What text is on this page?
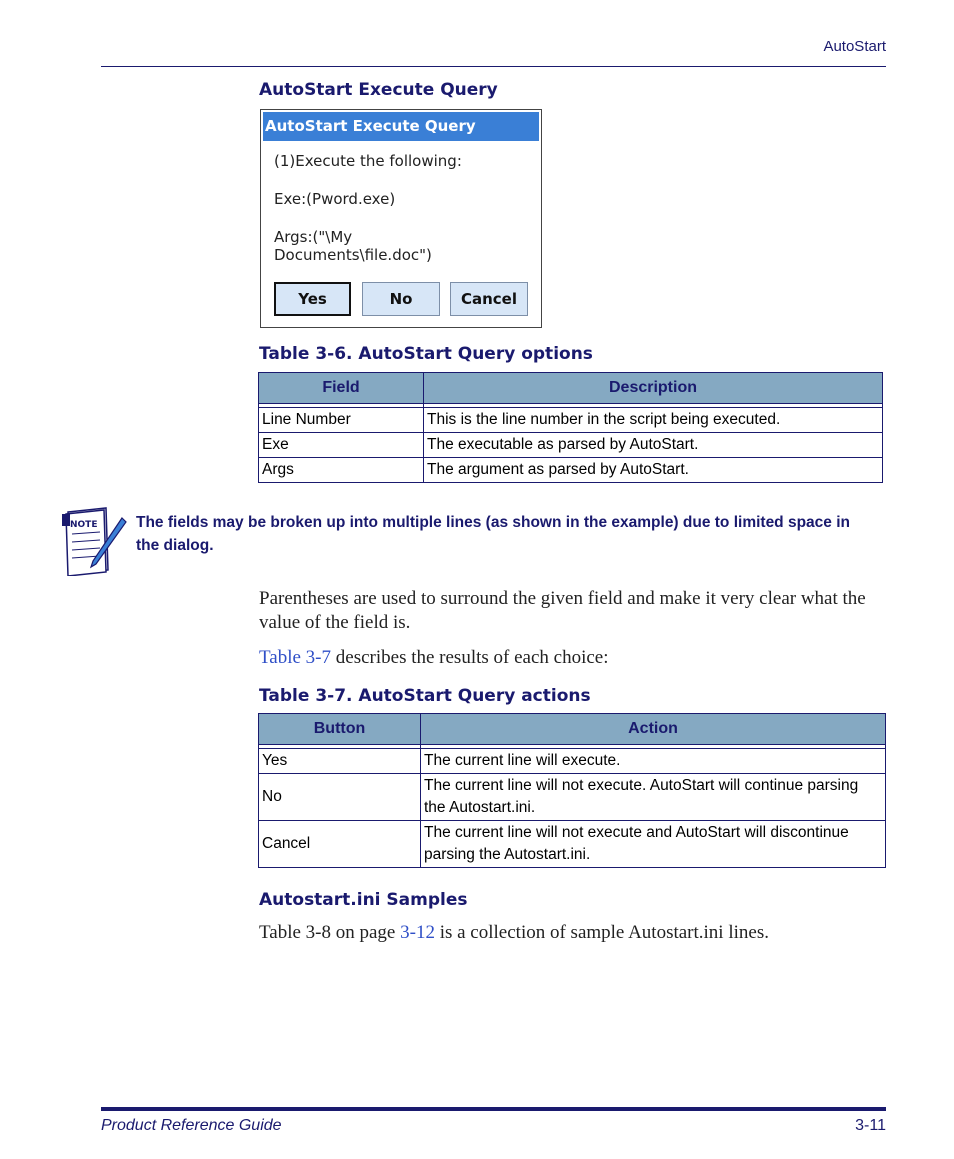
AutoStart
AutoStart Execute Query
AutoStart Execute Query
(1)Execute the following:
Exe:(Pword.exe)
Args:("\My
Documents\file.doc")
Yes	No	Cancel
Table 3-6. AutoStart Query options
Field	Description

Line Number	This is the line number in the script being executed.
Exe	The executable as parsed by AutoStart.
Args	The argument as parsed by AutoStart.
NOTE The fields may be broken up into multiple lines (as shown in the example) due to limited space in the dialog.
Parentheses are used to surround the given field and make it very clear what the value of the field is.
Table 3-7 describes the results of each choice:
Table 3-7. AutoStart Query actions
Button	Action

Yes	The current line will execute.
No	The current line will not execute. AutoStart will continue parsing the Autostart.ini.
Cancel	The current line will not execute and AutoStart will discontinue parsing the Autostart.ini.
Autostart.ini Samples
Table 3-8 on page 3-12 is a collection of sample Autostart.ini lines.
Product Reference Guide	3-11
